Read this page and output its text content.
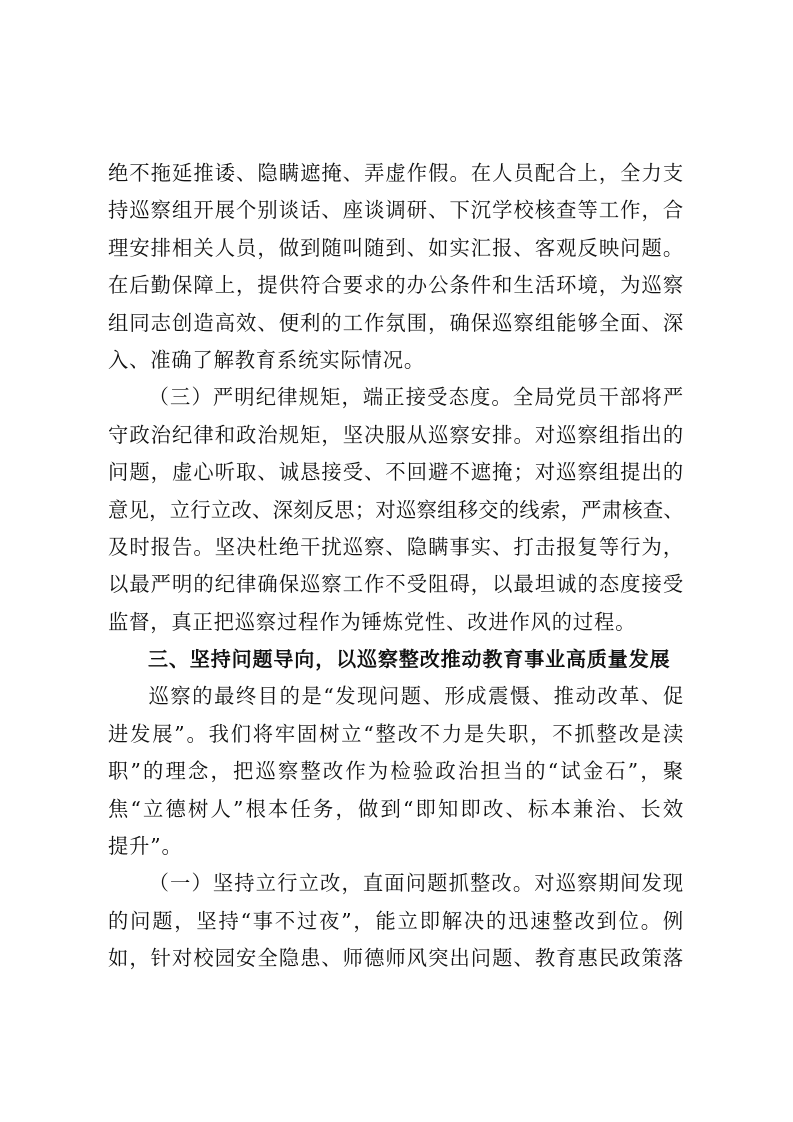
绝不拖延推诿、隐瞒遮掩、弄虚作假。在人员配合上，全力支
持巡察组开展个别谈话、座谈调研、下沉学校核查等工作，合
理安排相关人员，做到随叫随到、如实汇报、客观反映问题。
在后勤保障上，提供符合要求的办公条件和生活环境，为巡察
组同志创造高效、便利的工作氛围，确保巡察组能够全面、深
入、准确了解教育系统实际情况。
（三）严明纪律规矩，端正接受态度。全局党员干部将严
守政治纪律和政治规矩，坚决服从巡察安排。对巡察组指出的
问题，虚心听取、诚恳接受、不回避不遮掩；对巡察组提出的
意见，立行立改、深刻反思；对巡察组移交的线索，严肃核查、
及时报告。坚决杜绝干扰巡察、隐瞒事实、打击报复等行为，
以最严明的纪律确保巡察工作不受阻碍，以最坦诚的态度接受
监督，真正把巡察过程作为锤炼党性、改进作风的过程。
三、坚持问题导向，以巡察整改推动教育事业高质量发展
巡察的最终目的是“发现问题、形成震慑、推动改革、促
进发展”。我们将牢固树立“整改不力是失职，不抓整改是渎
职”的理念，把巡察整改作为检验政治担当的“试金石”，聚
焦“立德树人”根本任务，做到“即知即改、标本兼治、长效
提升”。
（一）坚持立行立改，直面问题抓整改。对巡察期间发现
的问题，坚持“事不过夜”，能立即解决的迅速整改到位。例
如，针对校园安全隐患、师德师风突出问题、教育惠民政策落
